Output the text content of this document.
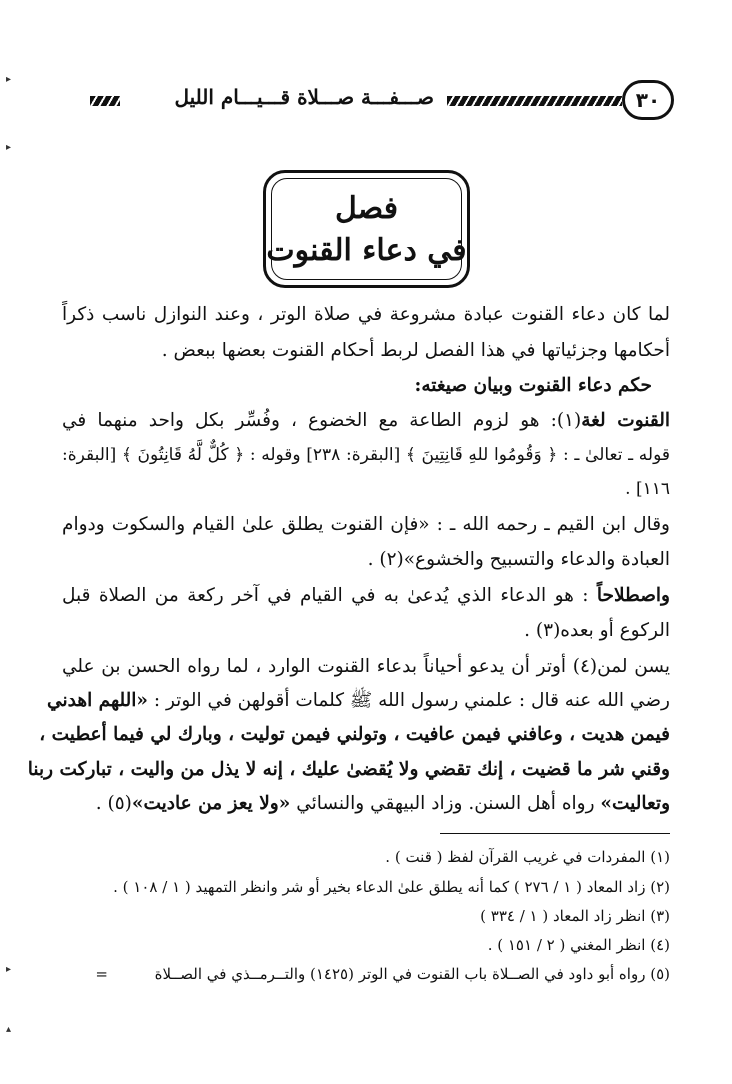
٣٠
صـــفـــة صـــلاة قـــيـــام الليل
فصل
في دعاء القنوت
لما كان دعاء القنوت عبادة مشروعة في صلاة الوتر ، وعند النوازل ناسب ذكراً
أحكامها وجزئياتها في هذا الفصل لربط أحكام القنوت بعضها ببعض .
حكم دعاء القنوت وبيان صيغته:
القنوت لغة(١): هو لزوم الطاعة مع الخضوع ، وفُسِّر بكل واحد منهما في
قوله ـ تعالىٰ ـ : ﴿ وَقُومُوا للهِ قَانِتِينَ ﴾ [البقرة: ٢٣٨] وقوله : ﴿ كُلٌّ لَّهُ قَانِتُونَ ﴾ [البقرة:
١١٦] .
وقال ابن القيم ـ رحمه الله ـ : «فإن القنوت يطلق علىٰ القيام والسكوت ودوام
العبادة والدعاء والتسبيح والخشوع»(٢) .
واصطلاحاً : هو الدعاء الذي يُدعىٰ به في القيام في آخر ركعة من الصلاة قبل
الركوع أو بعده(٣) .
يسن لمن(٤) أوتر أن يدعو أحياناً بدعاء القنوت الوارد ، لما رواه الحسن بن علي
رضي الله عنه قال : علمني رسول الله ﷺ كلمات أقولهن في الوتر : «اللهم اهدني
فيمن هديت ، وعافني فيمن عافيت ، وتولني فيمن توليت ، وبارك لي فيما أعطيت ،
وقني شر ما قضيت ، إنك تقضي ولا يُقضىٰ عليك ، إنه لا يذل من واليت ، تباركت ربنا
وتعاليت» رواه أهل السنن. وزاد البيهقي والنسائي «ولا يعز من عاديت»(٥) .
(١) المفردات في غريب القرآن لفظ ( قنت ) .
(٢) زاد المعاد ( ١ / ٢٧٦ ) كما أنه يطلق علىٰ الدعاء بخير أو شر وانظر التمهيد ( ١ / ١٠٨ ) .
(٣) انظر زاد المعاد ( ١ / ٣٣٤ )
(٤) انظر المغني ( ٢ / ١٥١ ) .
(٥) رواه أبو داود في الصــلاة باب القنوت في الوتر (١٤٢٥) والتــرمــذي في الصــلاة
=
▸
▸
▸
▴
